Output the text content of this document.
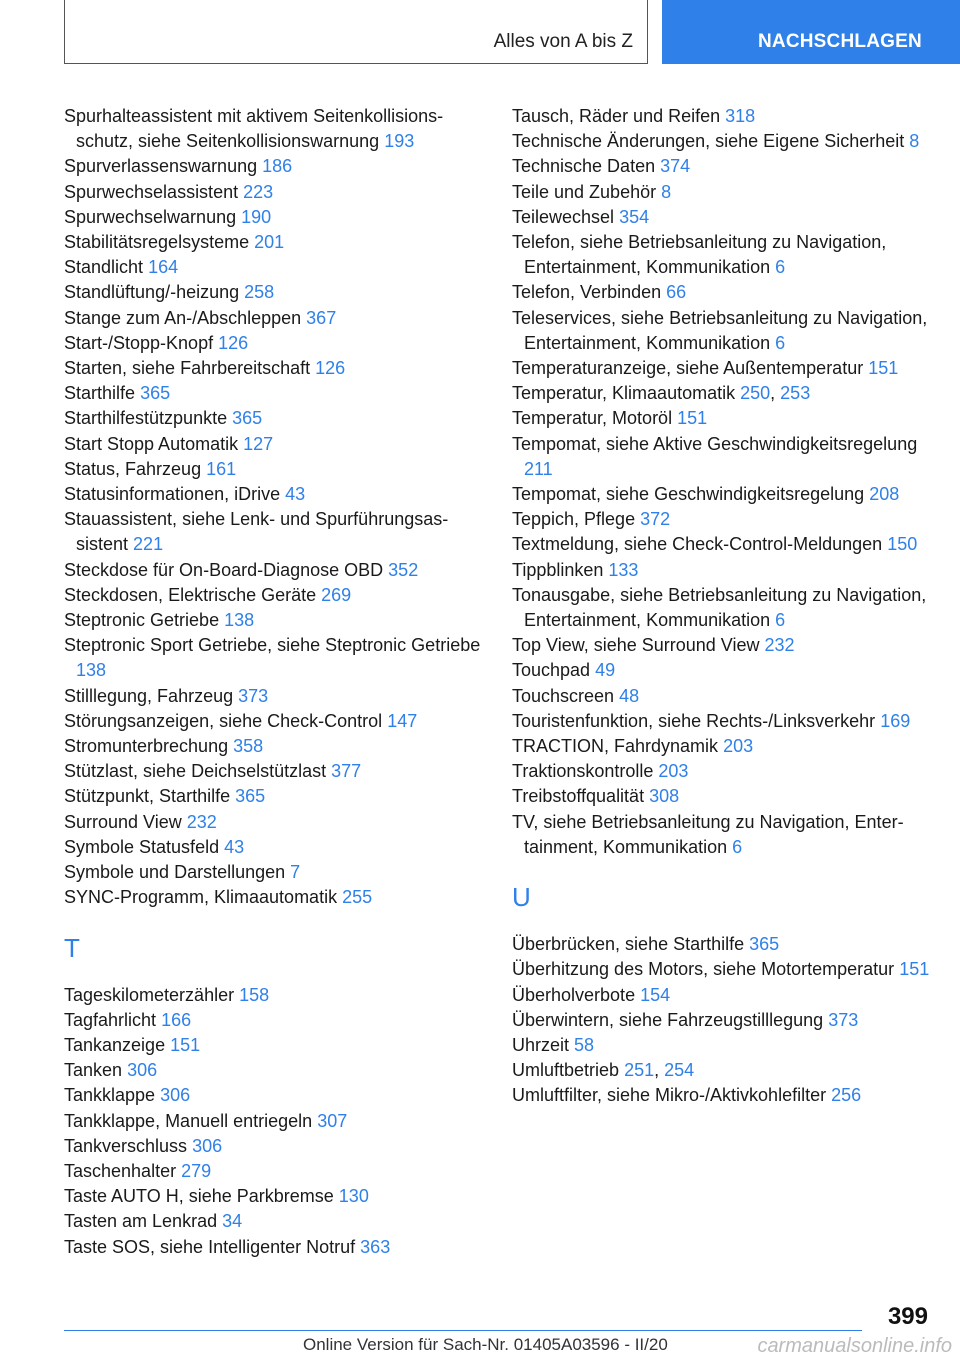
Alles von A bis Z	NACHSCHLAGEN
Spurhalteassistent mit aktivem Seitenkollisionsschutz, siehe Seitenkollisionswarnung 193
Spurverlassenswarnung 186
Spurwechselassistent 223
Spurwechselwarnung 190
Stabilitätsregelsysteme 201
Standlicht 164
Standlüftung/-heizung 258
Stange zum An-/Abschleppen 367
Start-/Stopp-Knopf 126
Starten, siehe Fahrbereitschaft 126
Starthilfe 365
Starthilfestützpunkte 365
Start Stopp Automatik 127
Status, Fahrzeug 161
Statusinformationen, iDrive 43
Stauassistent, siehe Lenk- und Spurführungsassistent 221
Steckdose für On-Board-Diagnose OBD 352
Steckdosen, Elektrische Geräte 269
Steptronic Getriebe 138
Steptronic Sport Getriebe, siehe Steptronic Getriebe 138
Stilllegung, Fahrzeug 373
Störungsanzeigen, siehe Check-Control 147
Stromunterbrechung 358
Stützlast, siehe Deichselstützlast 377
Stützpunkt, Starthilfe 365
Surround View 232
Symbole Statusfeld 43
Symbole und Darstellungen 7
SYNC-Programm, Klimaautomatik 255
T
Tageskilometerzähler 158
Tagfahrlicht 166
Tankanzeige 151
Tanken 306
Tankklappe 306
Tankklappe, Manuell entriegeln 307
Tankverschluss 306
Taschenhalter 279
Taste AUTO H, siehe Parkbremse 130
Tasten am Lenkrad 34
Taste SOS, siehe Intelligenter Notruf 363
Tausch, Räder und Reifen 318
Technische Änderungen, siehe Eigene Sicherheit 8
Technische Daten 374
Teile und Zubehör 8
Teilewechsel 354
Telefon, siehe Betriebsanleitung zu Navigation, Entertainment, Kommunikation 6
Telefon, Verbinden 66
Teleservices, siehe Betriebsanleitung zu Navigation, Entertainment, Kommunikation 6
Temperaturanzeige, siehe Außentemperatur 151
Temperatur, Klimaautomatik 250, 253
Temperatur, Motoröl 151
Tempomat, siehe Aktive Geschwindigkeitsregelung 211
Tempomat, siehe Geschwindigkeitsregelung 208
Teppich, Pflege 372
Textmeldung, siehe Check-Control-Meldungen 150
Tippblinken 133
Tonausgabe, siehe Betriebsanleitung zu Navigation, Entertainment, Kommunikation 6
Top View, siehe Surround View 232
Touchpad 49
Touchscreen 48
Touristenfunktion, siehe Rechts-/Linksverkehr 169
TRACTION, Fahrdynamik 203
Traktionskontrolle 203
Treibstoffqualität 308
TV, siehe Betriebsanleitung zu Navigation, Entertainment, Kommunikation 6
U
Überbrücken, siehe Starthilfe 365
Überhitzung des Motors, siehe Motortemperatur 151
Überholverbote 154
Überwintern, siehe Fahrzeugstilllegung 373
Uhrzeit 58
Umluftbetrieb 251, 254
Umluftfilter, siehe Mikro-/Aktivkohlefilter 256
399
Online Version für Sach-Nr. 01405A03596 - II/20	carmanualsonline.info
